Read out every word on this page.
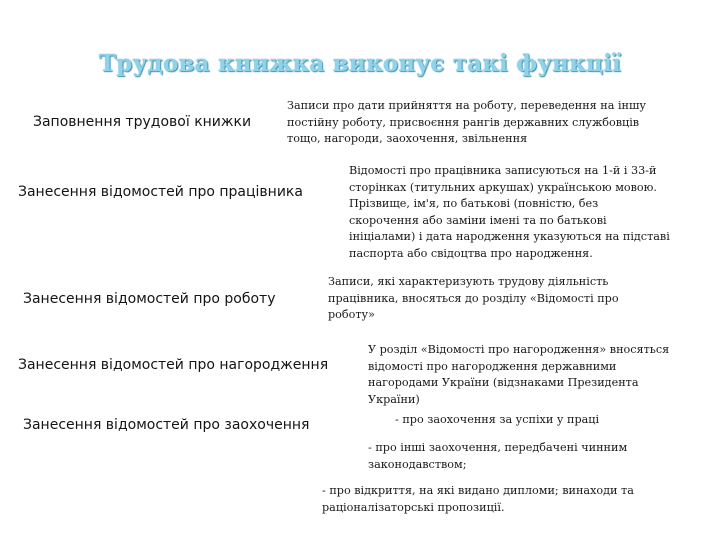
Трудова книжка виконує такі функції
Заповнення трудової книжки
Записи про дати прийняття на роботу, переведення на іншу
постійну роботу, присвоєння рангів державних службовців
тощо, нагороди, заохочення, звільнення
Занесення відомостей про працівника
Відомості про працівника записуються на 1-й і 33-й
сторінках (титульних аркушах) українською мовою.
Прізвище, ім'я, по батькові (повністю, без
скорочення або заміни імені та по батькові
ініціалами) і дата народження указуються на підставі
паспорта або свідоцтва про народження.
Занесення відомостей про роботу
Записи, які характеризують трудову діяльність
працівника, вносяться до розділу «Відомості про
роботу»
Занесення відомостей про нагородження
У розділ «Відомості про нагородження» вносяться
відомості про нагородження державними
нагородами України (відзнаками Президента
України)
Занесення відомостей про заохочення	- про заохочення за успіхи у праці
- про інші заохочення, передбачені чинним
законодавством;
- про відкриття, на які видано дипломи; винаходи та
раціоналізаторські пропозиції.
